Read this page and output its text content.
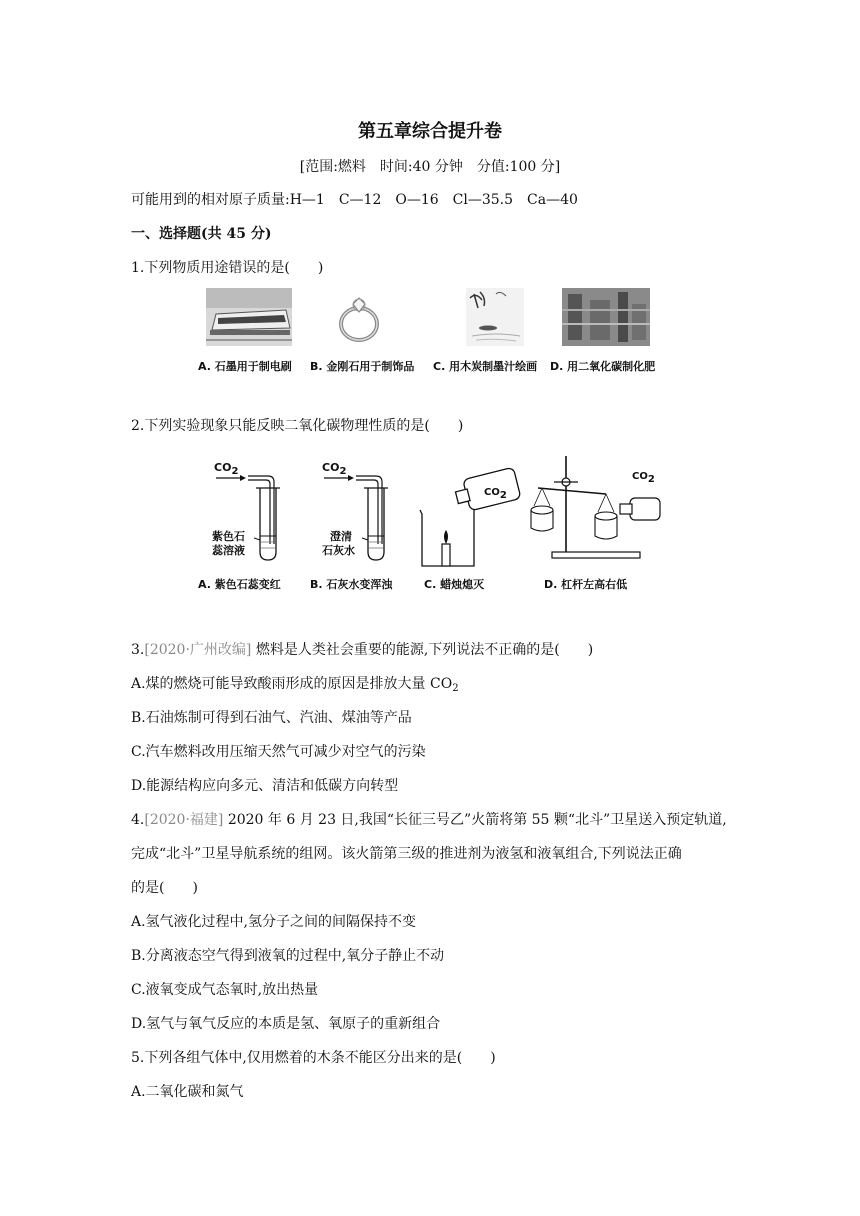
第五章综合提升卷
[范围:燃料　时间:40 分钟　分值:100 分]
可能用到的相对原子质量:H—1　C—12　O—16　Cl—35.5　Ca—40
一、选择题(共 45 分)
1.下列物质用途错误的是(　　)
A. 石墨用于制电刷 B. 金刚石用于制饰品 C. 用木炭制墨汁绘画 D. 用二氧化碳制化肥
2.下列实验现象只能反映二氧化碳物理性质的是(　　)
$CO_2$	$CO_2$
$CO_2$
$CO_2$
紫色石
蕊溶液
澄清
石灰水
A. 紫色石蕊变红	B. 石灰水变浑浊	C. 蜡烛熄灭	D. 杠杆左高右低
3.[2020·广州改编] 燃料是人类社会重要的能源,下列说法不正确的是(　　)
A.煤的燃烧可能导致酸雨形成的原因是排放大量 $CO_2$
B.石油炼制可得到石油气、汽油、煤油等产品
C.汽车燃料改用压缩天然气可减少对空气的污染
D.能源结构应向多元、清洁和低碳方向转型
4.[2020·福建] 2020 年 6 月 23 日,我国“长征三号乙”火箭将第 55 颗“北斗”卫星送入预定轨道,
完成“北斗”卫星导航系统的组网。该火箭第三级的推进剂为液氢和液氧组合,下列说法正确
的是(　　)
A.氢气液化过程中,氢分子之间的间隔保持不变
B.分离液态空气得到液氧的过程中,氧分子静止不动
C.液氧变成气态氧时,放出热量
D.氢气与氧气反应的本质是氢、氧原子的重新组合
5.下列各组气体中,仅用燃着的木条不能区分出来的是(　　)
A.二氧化碳和氮气
